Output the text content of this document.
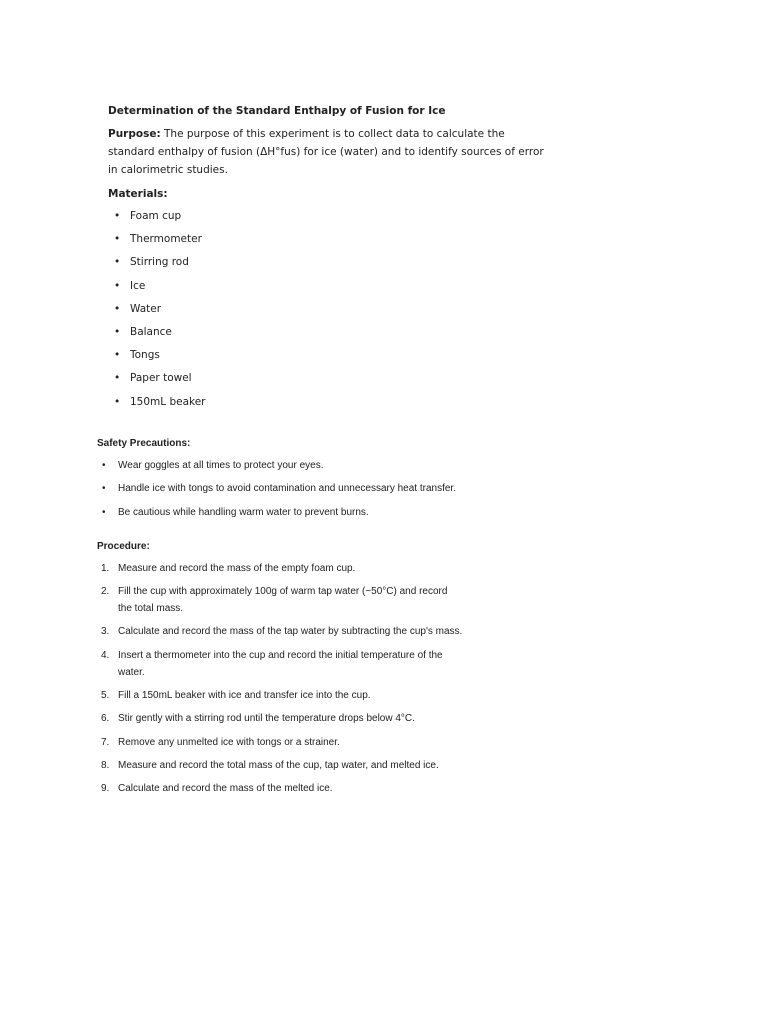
Determination of the Standard Enthalpy of Fusion for Ice
Purpose: The purpose of this experiment is to collect data to calculate the
standard enthalpy of fusion (ΔH°fus) for ice (water) and to identify sources of error
in calorimetric studies.
Materials:
• Foam cup
• Thermometer
• Stirring rod
• Ice
• Water
• Balance
• Tongs
• Paper towel
• 150mL beaker
Safety Precautions:
• Wear goggles at all times to protect your eyes.
• Handle ice with tongs to avoid contamination and unnecessary heat transfer.
• Be cautious while handling warm water to prevent burns.
Procedure:
1. Measure and record the mass of the empty foam cup.
2. Fill the cup with approximately 100g of warm tap water (~50°C) and record the total mass.
3. Calculate and record the mass of the tap water by subtracting the cup's mass.
4. Insert a thermometer into the cup and record the initial temperature of the water.
5. Fill a 150mL beaker with ice and transfer ice into the cup.
6. Stir gently with a stirring rod until the temperature drops below 4°C.
7. Remove any unmelted ice with tongs or a strainer.
8. Measure and record the total mass of the cup, tap water, and melted ice.
9. Calculate and record the mass of the melted ice.
